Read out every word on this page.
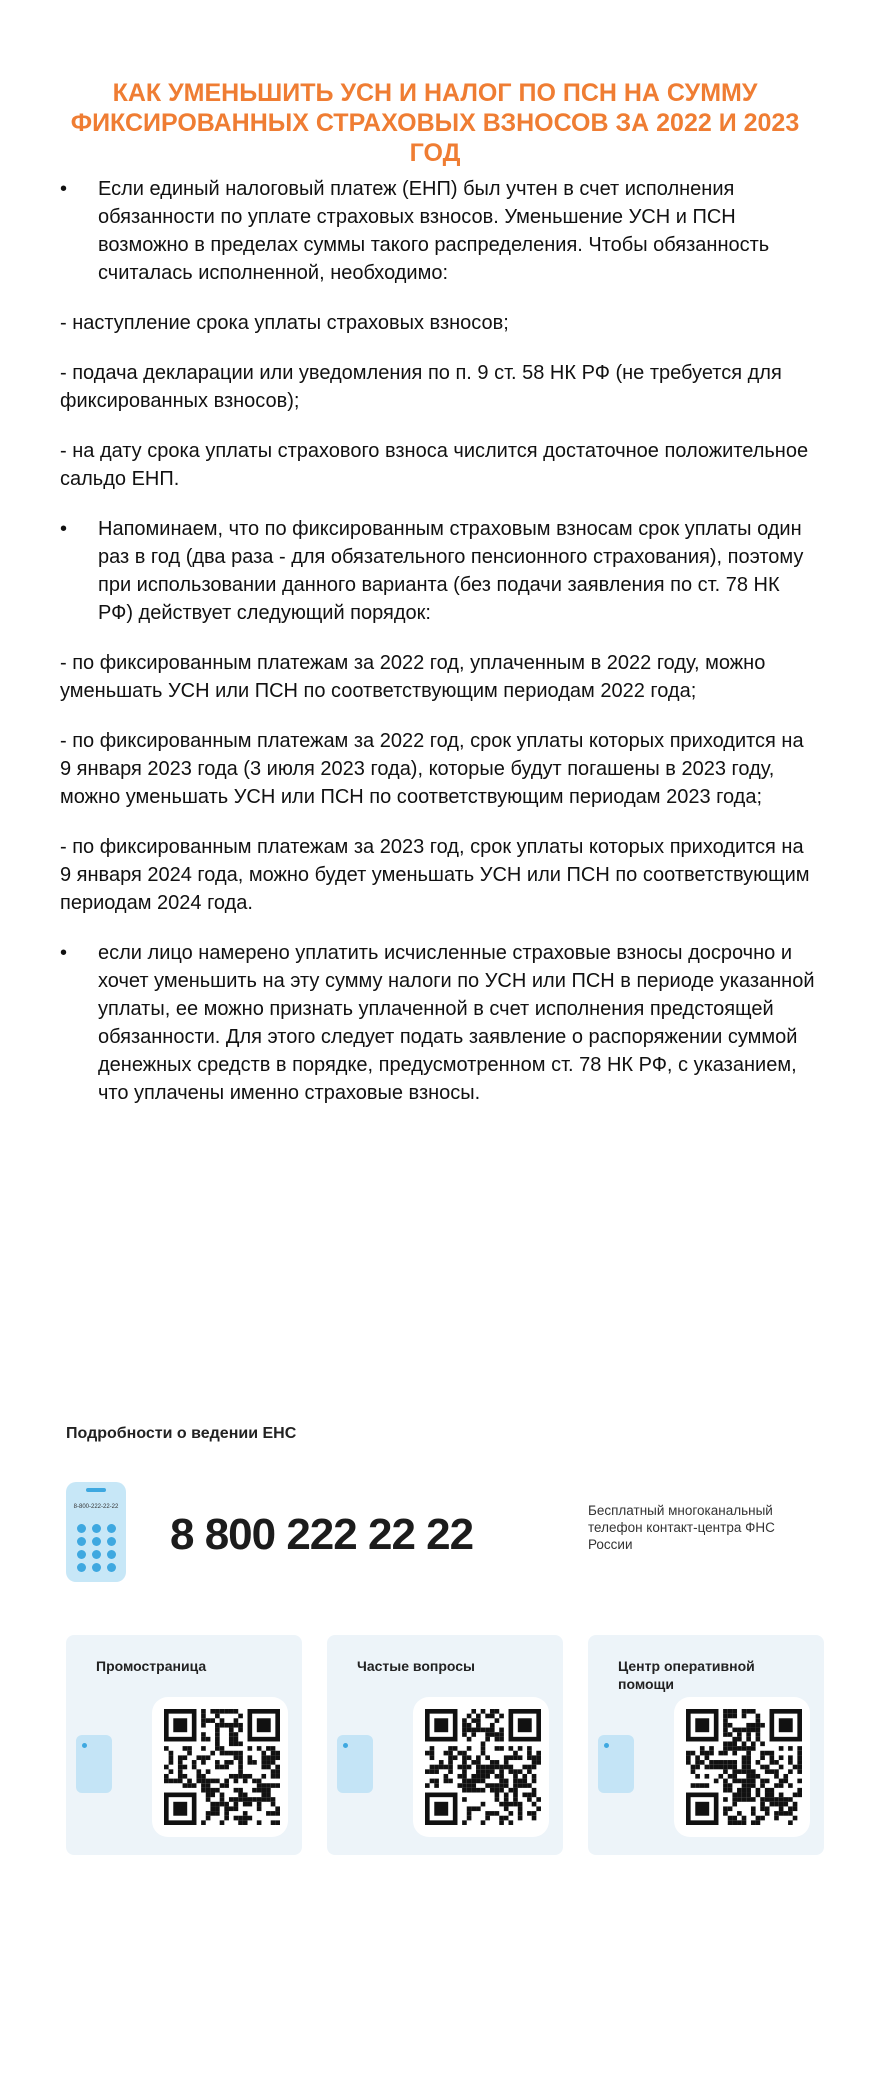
КАК УМЕНЬШИТЬ УСН И НАЛОГ ПО ПСН НА СУММУ ФИКСИРОВАННЫХ СТРАХОВЫХ ВЗНОСОВ ЗА 2022 И 2023 ГОД
• Если единый налоговый платеж (ЕНП) был учтен в счет исполнения обязанности по уплате страховых взносов. Уменьшение УСН и ПСН возможно в пределах суммы такого распределения. Чтобы обязанность считалась исполненной, необходимо:

- наступление срока уплаты страховых взносов;

- подача декларации или уведомления по п. 9 ст. 58 НК РФ (не требуется для фиксированных взносов);

- на дату срока уплаты страхового взноса числится достаточное положительное сальдо ЕНП.

• Напоминаем, что по фиксированным страховым взносам срок уплаты один раз в год (два раза - для обязательного пенсионного страхования), поэтому при использовании данного варианта (без подачи заявления по ст. 78 НК РФ) действует следующий порядок:

- по фиксированным платежам за 2022 год, уплаченным в 2022 году, можно уменьшать УСН или ПСН по соответствующим периодам 2022 года;

- по фиксированным платежам за 2022 год, срок уплаты которых приходится на 9 января 2023 года (3 июля 2023 года), которые будут погашены в 2023 году, можно уменьшать УСН или ПСН по соответствующим периодам 2023 года;

- по фиксированным платежам за 2023 год, срок уплаты которых приходится на 9 января 2024 года, можно будет уменьшать УСН или ПСН по соответствующим периодам 2024 года.

• если лицо намерено уплатить исчисленные страховые взносы досрочно и хочет уменьшить на эту сумму налоги по УСН или ПСН в периоде указанной уплаты, ее можно признать уплаченной в счет исполнения предстоящей обязанности. Для этого следует подать заявление о распоряжении суммой денежных средств в порядке, предусмотренном ст. 78 НК РФ, с указанием, что уплачены именно страховые взносы.
Подробности о ведении ЕНС
8-800-222-22-22
8 800 222 22 22	Бесплатный многоканальный телефон контакт-центра ФНС России
Промостраница	Частые вопросы	Центр оперативной помощи
